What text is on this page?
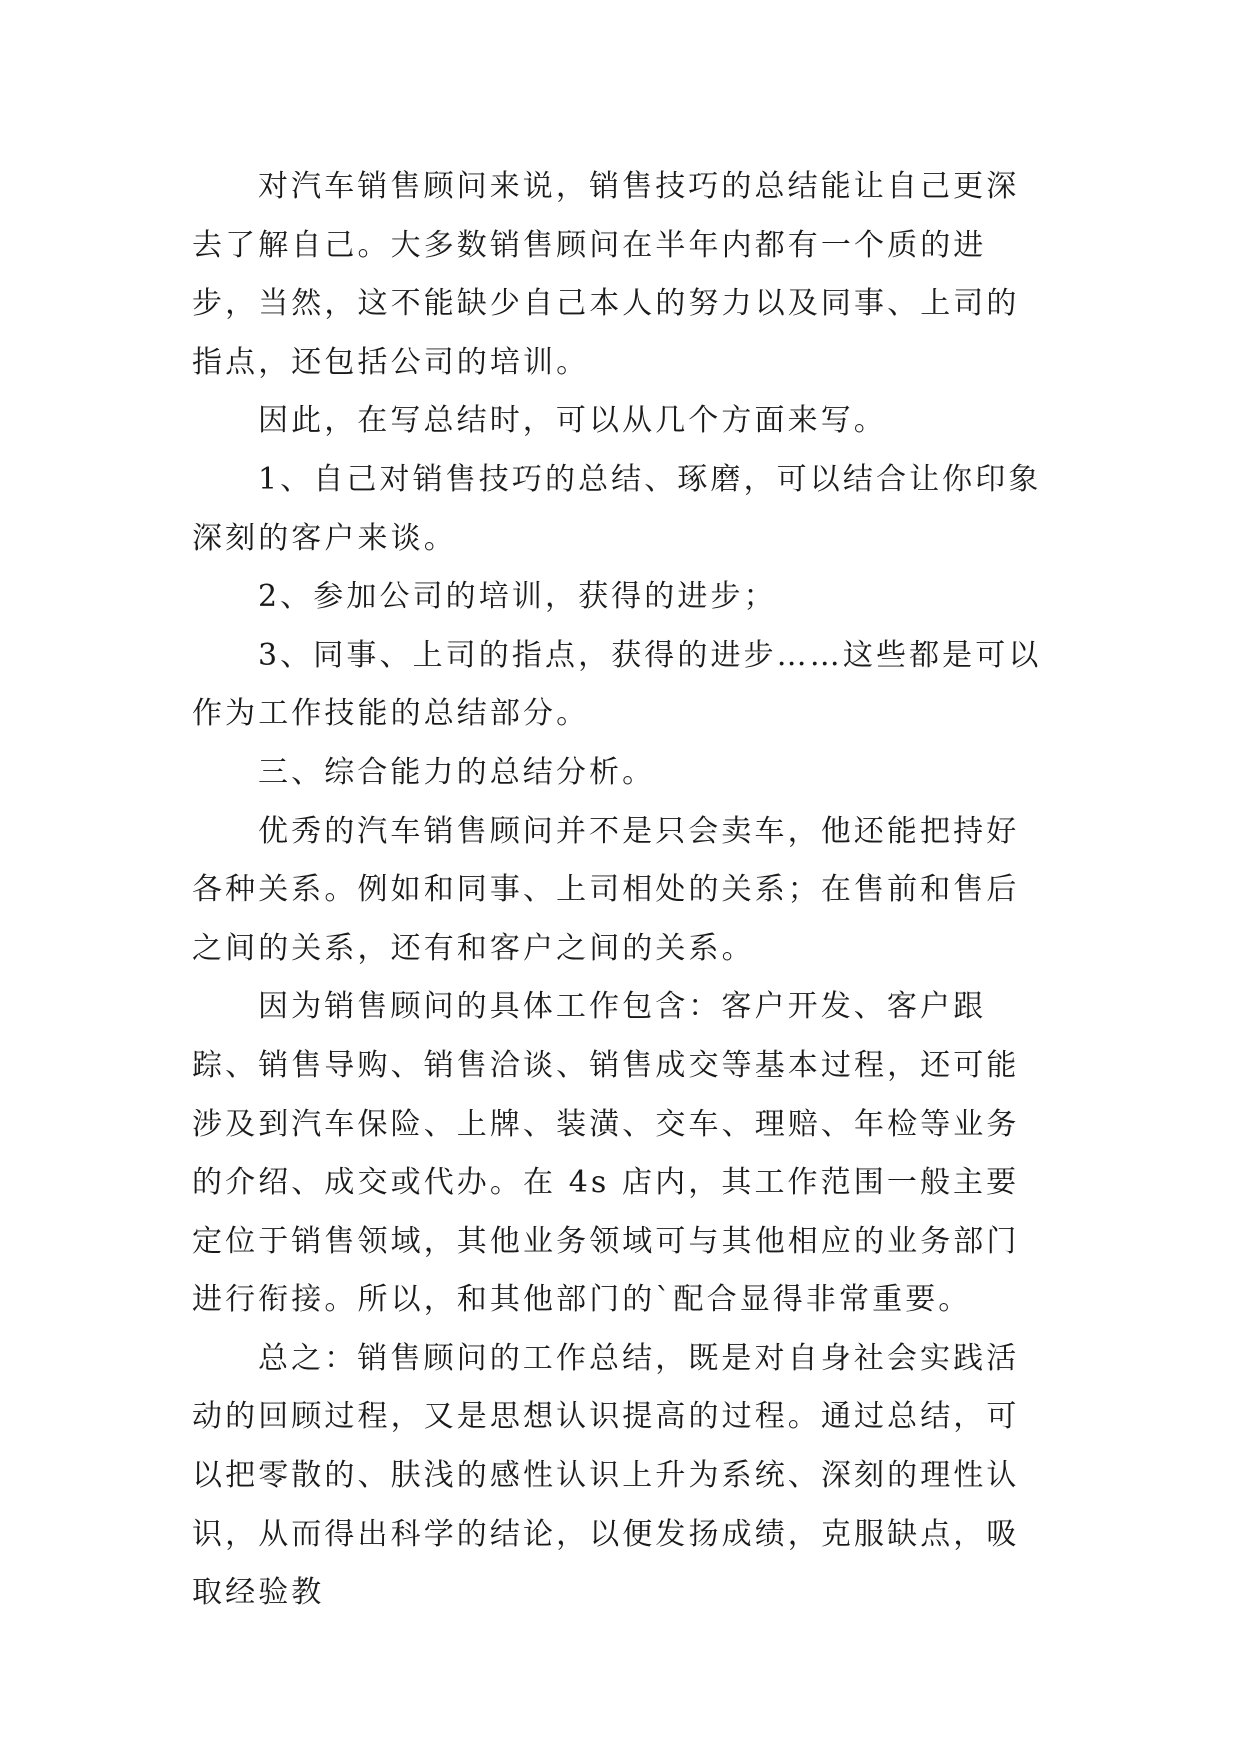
对汽车销售顾问来说，销售技巧的总结能让自己更深去了解自己。大多数销售顾问在半年内都有一个质的进步，当然，这不能缺少自己本人的努力以及同事、上司的指点，还包括公司的培训。

因此，在写总结时，可以从几个方面来写。

1、自己对销售技巧的总结、琢磨，可以结合让你印象深刻的客户来谈。

2、参加公司的培训，获得的进步；

3、同事、上司的指点，获得的进步……这些都是可以作为工作技能的总结部分。

三、综合能力的总结分析。

优秀的汽车销售顾问并不是只会卖车，他还能把持好各种关系。例如和同事、上司相处的关系；在售前和售后之间的关系，还有和客户之间的关系。

因为销售顾问的具体工作包含：客户开发、客户跟踪、销售导购、销售洽谈、销售成交等基本过程，还可能涉及到汽车保险、上牌、装潢、交车、理赔、年检等业务的介绍、成交或代办。在 4s 店内，其工作范围一般主要定位于销售领域，其他业务领域可与其他相应的业务部门进行衔接。所以，和其他部门的`配合显得非常重要。

总之：销售顾问的工作总结，既是对自身社会实践活动的回顾过程，又是思想认识提高的过程。通过总结，可以把零散的、肤浅的感性认识上升为系统、深刻的理性认识，从而得出科学的结论，以便发扬成绩，克服缺点，吸取经验教
